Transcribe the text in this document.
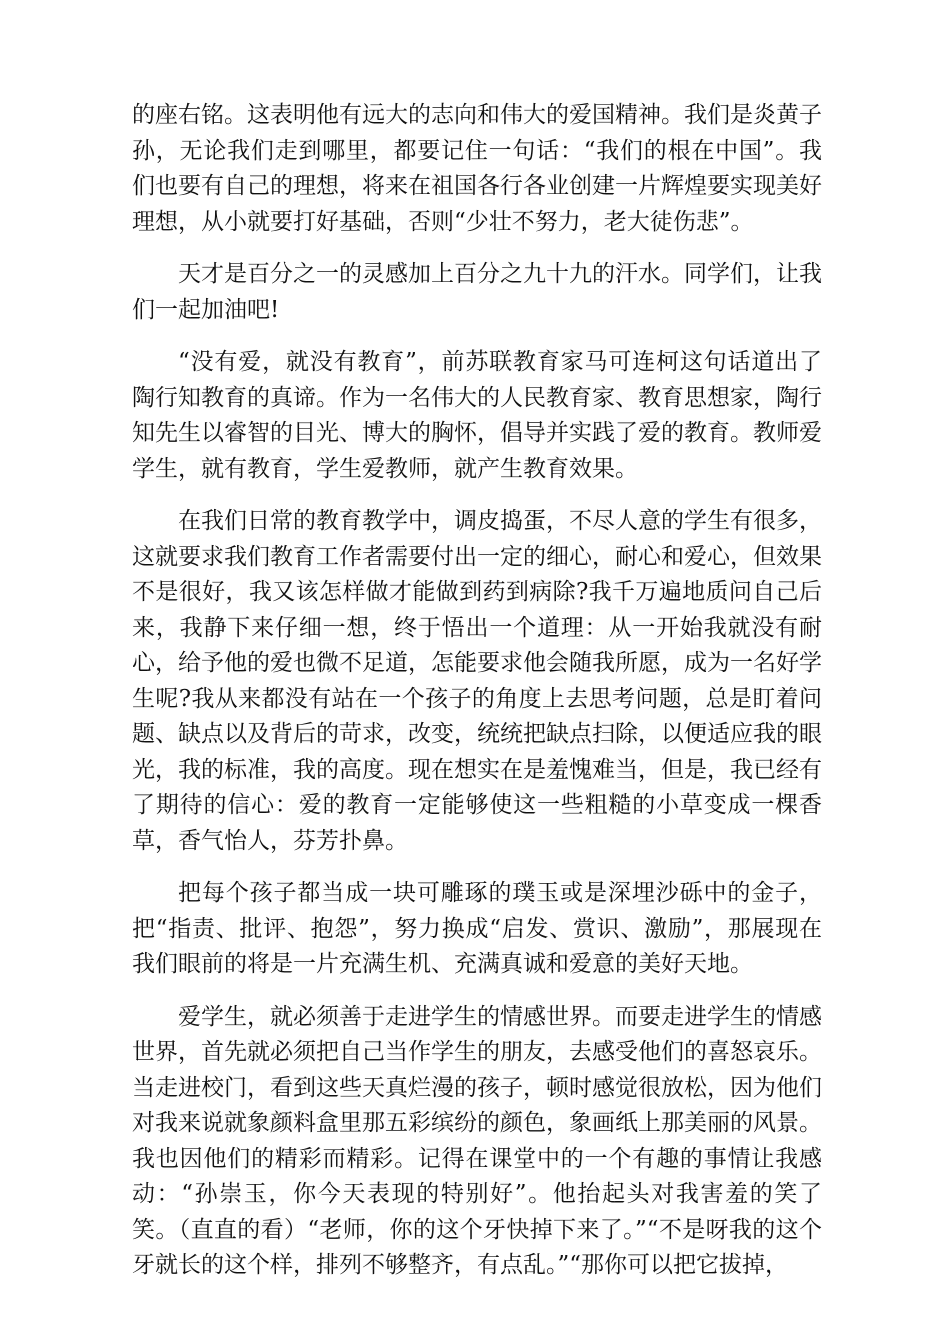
的座右铭。这表明他有远大的志向和伟大的爱国精神。我们是炎黄子孙，无论我们走到哪里，都要记住一句话：“我们的根在中国”。我们也要有自己的理想，将来在祖国各行各业创建一片辉煌要实现美好理想，从小就要打好基础，否则“少壮不努力，老大徒伤悲”。

天才是百分之一的灵感加上百分之九十九的汗水。同学们，让我们一起加油吧!

“没有爱，就没有教育”，前苏联教育家马可连柯这句话道出了陶行知教育的真谛。作为一名伟大的人民教育家、教育思想家，陶行知先生以睿智的目光、博大的胸怀，倡导并实践了爱的教育。教师爱学生，就有教育，学生爱教师，就产生教育效果。

在我们日常的教育教学中，调皮捣蛋，不尽人意的学生有很多，这就要求我们教育工作者需要付出一定的细心，耐心和爱心，但效果不是很好，我又该怎样做才能做到药到病除?我千万遍地质问自己后来，我静下来仔细一想，终于悟出一个道理：从一开始我就没有耐心，给予他的爱也微不足道，怎能要求他会随我所愿，成为一名好学生呢?我从来都没有站在一个孩子的角度上去思考问题，总是盯着问题、缺点以及背后的苛求，改变，统统把缺点扫除，以便适应我的眼光，我的标准，我的高度。现在想实在是羞愧难当，但是，我已经有了期待的信心：爱的教育一定能够使这一些粗糙的小草变成一棵香草，香气怡人，芬芳扑鼻。

把每个孩子都当成一块可雕琢的璞玉或是深埋沙砾中的金子，把“指责、批评、抱怨”，努力换成“启发、赏识、激励”，那展现在我们眼前的将是一片充满生机、充满真诚和爱意的美好天地。

爱学生，就必须善于走进学生的情感世界。而要走进学生的情感世界，首先就必须把自己当作学生的朋友，去感受他们的喜怒哀乐。当走进校门，看到这些天真烂漫的孩子，顿时感觉很放松，因为他们对我来说就象颜料盒里那五彩缤纷的颜色，象画纸上那美丽的风景。我也因他们的精彩而精彩。记得在课堂中的一个有趣的事情让我感动：“孙崇玉，你今天表现的特别好”。他抬起头对我害羞的笑了笑。（直直的看）“老师，你的这个牙快掉下来了。”“不是呀我的这个牙就长的这个样，排列不够整齐，有点乱。”“那你可以把它拔掉，
